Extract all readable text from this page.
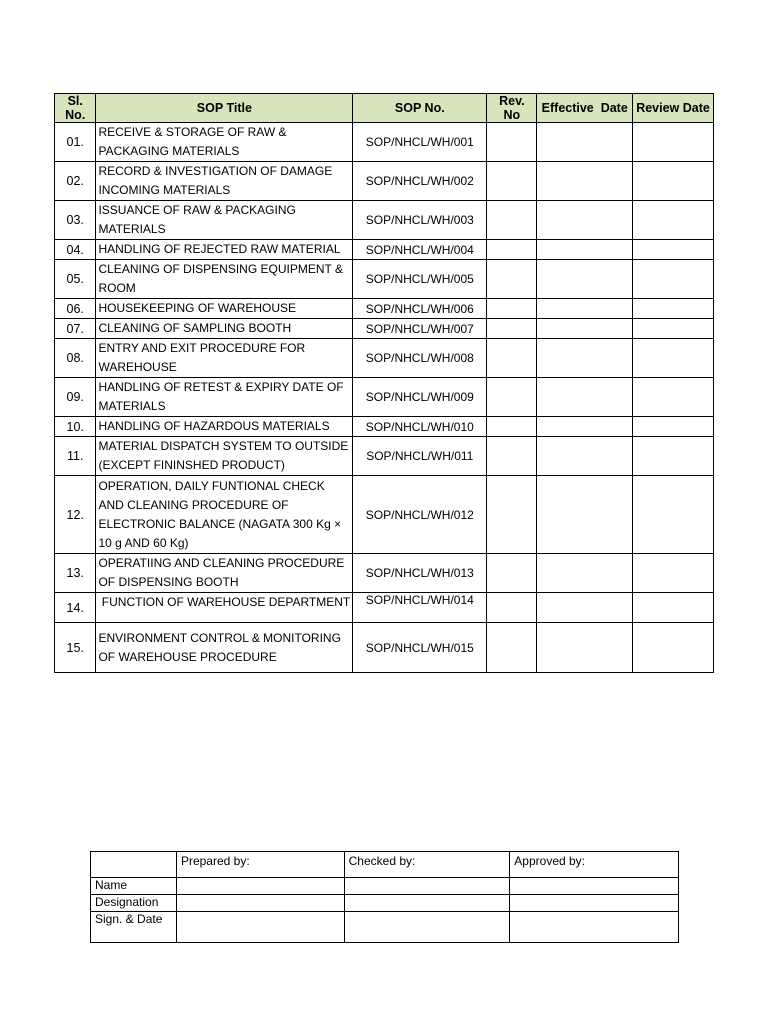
Sl. No.	SOP Title	SOP No.	Rev. No	Effective  Date	Review Date
01.	RECEIVE & STORAGE OF RAW & PACKAGING MATERIALS	SOP/NHCL/WH/001			
02.	RECORD & INVESTIGATION OF DAMAGE INCOMING MATERIALS	SOP/NHCL/WH/002			
03.	ISSUANCE OF RAW & PACKAGING MATERIALS	SOP/NHCL/WH/003			
04.	HANDLING OF REJECTED RAW MATERIAL	SOP/NHCL/WH/004			
05.	CLEANING OF DISPENSING EQUIPMENT & ROOM	SOP/NHCL/WH/005			
06.	HOUSEKEEPING OF WAREHOUSE	SOP/NHCL/WH/006			
07.	CLEANING OF SAMPLING BOOTH	SOP/NHCL/WH/007			
08.	ENTRY AND EXIT PROCEDURE FOR WAREHOUSE	SOP/NHCL/WH/008			
09.	HANDLING OF RETEST & EXPIRY DATE OF MATERIALS	SOP/NHCL/WH/009			
10.	HANDLING OF HAZARDOUS MATERIALS	SOP/NHCL/WH/010			
11.	MATERIAL DISPATCH SYSTEM TO OUTSIDE (EXCEPT FININSHED PRODUCT)	SOP/NHCL/WH/011			
12.	OPERATION, DAILY FUNTIONAL CHECK AND CLEANING PROCEDURE OF ELECTRONIC BALANCE (NAGATA 300 Kg × 10 g AND 60 Kg)	SOP/NHCL/WH/012			
13.	OPERATIING AND CLEANING PROCEDURE OF DISPENSING BOOTH	SOP/NHCL/WH/013			
14.	FUNCTION OF WAREHOUSE DEPARTMENT	SOP/NHCL/WH/014			
15.	ENVIRONMENT CONTROL & MONITORING OF WAREHOUSE PROCEDURE	SOP/NHCL/WH/015			
	Prepared by:	Checked by:	Approved by:
Name			
Designation			
Sign. & Date			
